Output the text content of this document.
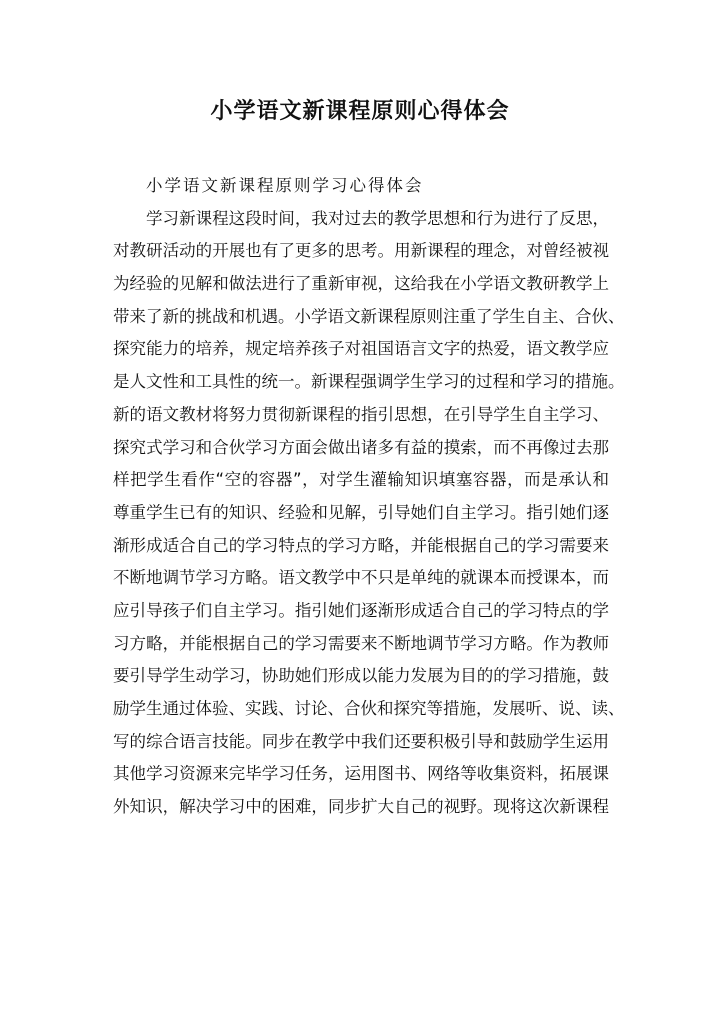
小学语文新课程原则心得体会
小学语文新课程原则学习心得体会
学习新课程这段时间，我对过去的教学思想和行为进行了反思，
对教研活动的开展也有了更多的思考。用新课程的理念，对曾经被视
为经验的见解和做法进行了重新审视，这给我在小学语文教研教学上
带来了新的挑战和机遇。小学语文新课程原则注重了学生自主、合伙、
探究能力的培养，规定培养孩子对祖国语言文字的热爱，语文教学应
是人文性和工具性的统一。新课程强调学生学习的过程和学习的措施。
新的语文教材将努力贯彻新课程的指引思想，在引导学生自主学习、
探究式学习和合伙学习方面会做出诸多有益的摸索，而不再像过去那
样把学生看作“空的容器”，对学生灌输知识填塞容器，而是承认和
尊重学生已有的知识、经验和见解，引导她们自主学习。指引她们逐
渐形成适合自己的学习特点的学习方略，并能根据自己的学习需要来
不断地调节学习方略。语文教学中不只是单纯的就课本而授课本，而
应引导孩子们自主学习。指引她们逐渐形成适合自己的学习特点的学
习方略，并能根据自己的学习需要来不断地调节学习方略。作为教师
要引导学生动学习，协助她们形成以能力发展为目的的学习措施，鼓
励学生通过体验、实践、讨论、合伙和探究等措施，发展听、说、读、
写的综合语言技能。同步在教学中我们还要积极引导和鼓励学生运用
其他学习资源来完毕学习任务，运用图书、网络等收集资料，拓展课
外知识，解决学习中的困难，同步扩大自己的视野。现将这次新课程
